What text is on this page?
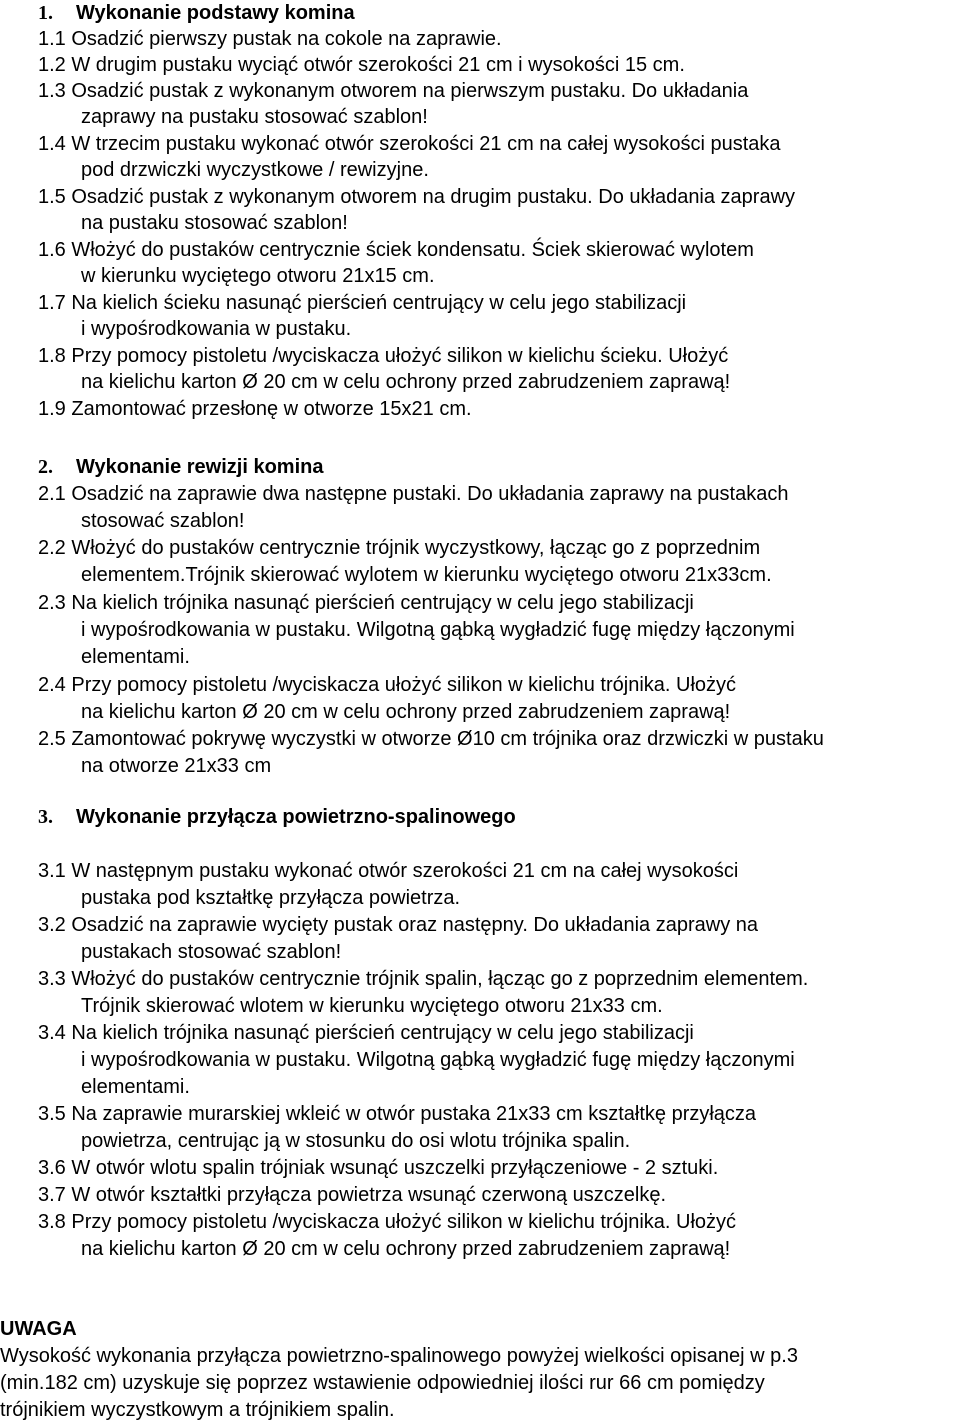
1. Wykonanie podstawy komina

1.1 Osadzić pierwszy pustak na cokole na zaprawie.

1.2 W drugim pustaku wyciąć otwór szerokości 21 cm i wysokości 15 cm.

1.3 Osadzić pustak z wykonanym otworem na pierwszym pustaku. Do układania

zaprawy na pustaku stosować szablon!

1.4 W trzecim pustaku wykonać otwór szerokości 21 cm na całej wysokości pustaka

pod drzwiczki wyczystkowe / rewizyjne.

1.5 Osadzić pustak z wykonanym otworem na drugim pustaku. Do układania zaprawy

na pustaku stosować szablon!

1.6 Włożyć do pustaków centrycznie ściek kondensatu. Ściek skierować wylotem

w kierunku wyciętego otworu 21x15 cm.

1.7 Na kielich ścieku nasunąć pierścień centrujący w celu jego stabilizacji

i wypośrodkowania w pustaku.

1.8 Przy pomocy pistoletu /wyciskacza ułożyć silikon w kielichu ścieku. Ułożyć

na kielichu karton Ø 20 cm w celu ochrony przed zabrudzeniem zaprawą!

1.9 Zamontować przesłonę w otworze 15x21 cm.

2. Wykonanie rewizji komina

2.1 Osadzić na zaprawie dwa następne pustaki. Do układania zaprawy na pustakach

stosować szablon!

2.2 Włożyć do pustaków centrycznie trójnik wyczystkowy, łącząc go z poprzednim

elementem.Trójnik skierować wylotem w kierunku wyciętego otworu 21x33cm.

2.3 Na kielich trójnika nasunąć pierścień centrujący w celu jego stabilizacji

i wypośrodkowania w pustaku. Wilgotną gąbką wygładzić fugę między łączonymi

elementami.

2.4 Przy pomocy pistoletu /wyciskacza ułożyć silikon w kielichu trójnika. Ułożyć

na kielichu karton Ø 20 cm w celu ochrony przed zabrudzeniem zaprawą!

2.5 Zamontować pokrywę wyczystki w otworze Ø10 cm trójnika oraz drzwiczki w pustaku

na otworze 21x33 cm

3. Wykonanie przyłącza powietrzno-spalinowego

3.1 W następnym pustaku wykonać otwór szerokości 21 cm na całej wysokości

pustaka pod kształtkę przyłącza powietrza.

3.2 Osadzić na zaprawie wycięty pustak oraz następny. Do układania zaprawy na

pustakach stosować szablon!

3.3 Włożyć do pustaków centrycznie trójnik spalin, łącząc go z poprzednim elementem.

Trójnik skierować wlotem w kierunku wyciętego otworu 21x33 cm.

3.4 Na kielich trójnika nasunąć pierścień centrujący w celu jego stabilizacji

i wypośrodkowania w pustaku. Wilgotną gąbką wygładzić fugę między łączonymi

elementami.

3.5 Na zaprawie murarskiej wkleić w otwór pustaka 21x33 cm kształtkę przyłącza

powietrza, centrując ją w stosunku do osi wlotu trójnika spalin.

3.6 W otwór wlotu spalin trójniak wsunąć uszczelki przyłączeniowe - 2 sztuki.

3.7 W otwór kształtki przyłącza powietrza wsunąć czerwoną uszczelkę.

3.8 Przy pomocy pistoletu /wyciskacza ułożyć silikon w kielichu trójnika. Ułożyć

na kielichu karton Ø 20 cm w celu ochrony przed zabrudzeniem zaprawą!

UWAGA

Wysokość wykonania przyłącza powietrzno-spalinowego powyżej wielkości opisanej w p.3

(min.182 cm) uzyskuje się poprzez wstawienie odpowiedniej ilości rur 66 cm pomiędzy

trójnikiem wyczystkowym a trójnikiem spalin.
